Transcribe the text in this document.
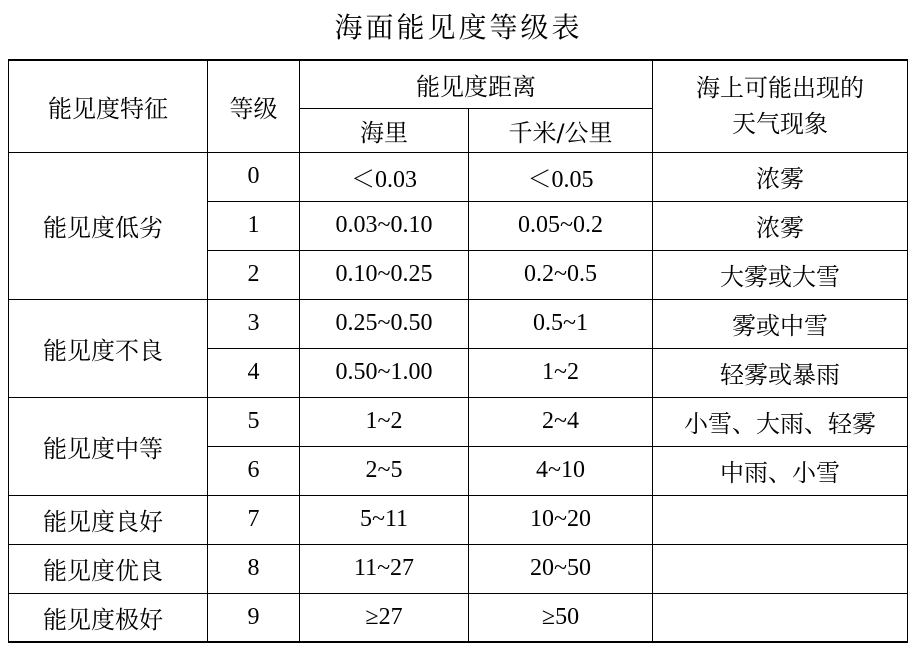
海面能见度等级表
能见度特征	等级	能见度距离		海上可能出现的
天气现象

		海里	千米/公里	
能见度低劣	0	＜0.03	＜0.05	浓雾
	1	0.03~0.10	0.05~0.2	浓雾
	2	0.10~0.25	0.2~0.5	大雾或大雪
能见度不良	3	0.25~0.50	0.5~1	雾或中雪
	4	0.50~1.00	1~2	轻雾或暴雨
能见度中等	5	1~2	2~4	小雪、大雨、轻雾
	6	2~5	4~10	中雨、小雪
能见度良好	7	5~11	10~20	
能见度优良	8	11~27	20~50	
能见度极好	9	≥27	≥50	
